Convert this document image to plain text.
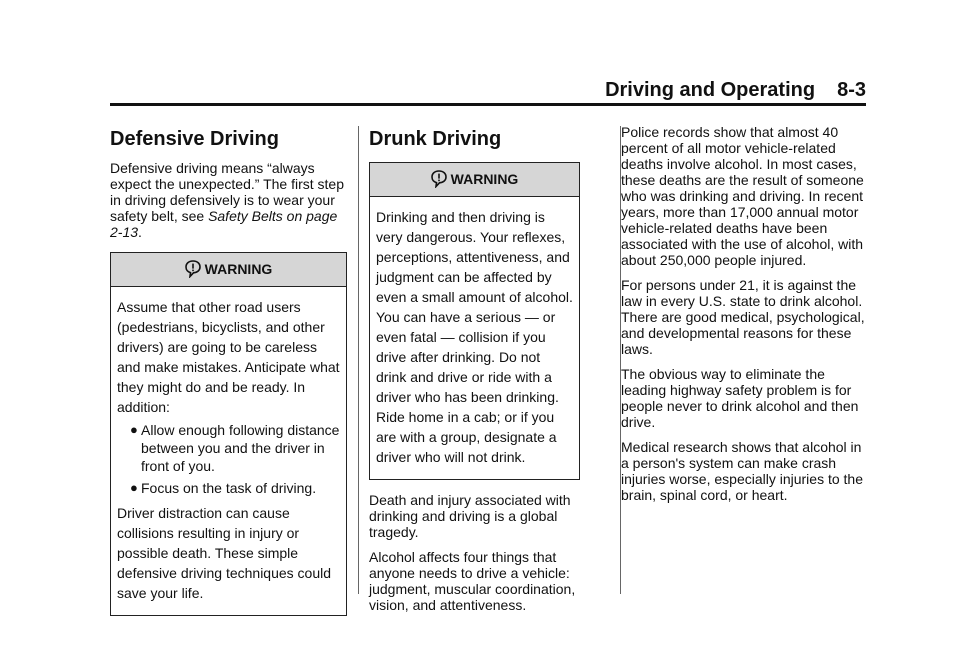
Driving and Operating 8-3
Defensive Driving

Defensive driving means “always expect the unexpected.” The first step in driving defensively is to wear your safety belt, see Safety Belts on page 2-13.

WARNING

Assume that other road users (pedestrians, bicyclists, and other drivers) are going to be careless and make mistakes. Anticipate what they might do and be ready. In addition:

● Allow enough following distance between you and the driver in front of you.
● Focus on the task of driving.

Driver distraction can cause collisions resulting in injury or possible death. These simple defensive driving techniques could save your life.

Drunk Driving
WARNING

Drinking and then driving is very dangerous. Your reflexes, perceptions, attentiveness, and judgment can be affected by even a small amount of alcohol. You can have a serious — or even fatal — collision if you drive after drinking. Do not drink and drive or ride with a driver who has been drinking. Ride home in a cab; or if you are with a group, designate a driver who will not drink.

Death and injury associated with drinking and driving is a global tragedy.

Alcohol affects four things that anyone needs to drive a vehicle: judgment, muscular coordination, vision, and attentiveness.

Police records show that almost 40 percent of all motor vehicle-related deaths involve alcohol. In most cases, these deaths are the result of someone who was drinking and driving. In recent years, more than 17,000 annual motor vehicle-related deaths have been associated with the use of alcohol, with about 250,000 people injured.

For persons under 21, it is against the law in every U.S. state to drink alcohol. There are good medical, psychological, and developmental reasons for these laws.

The obvious way to eliminate the leading highway safety problem is for people never to drink alcohol and then drive.

Medical research shows that alcohol in a person's system can make crash injuries worse, especially injuries to the brain, spinal cord, or heart.
